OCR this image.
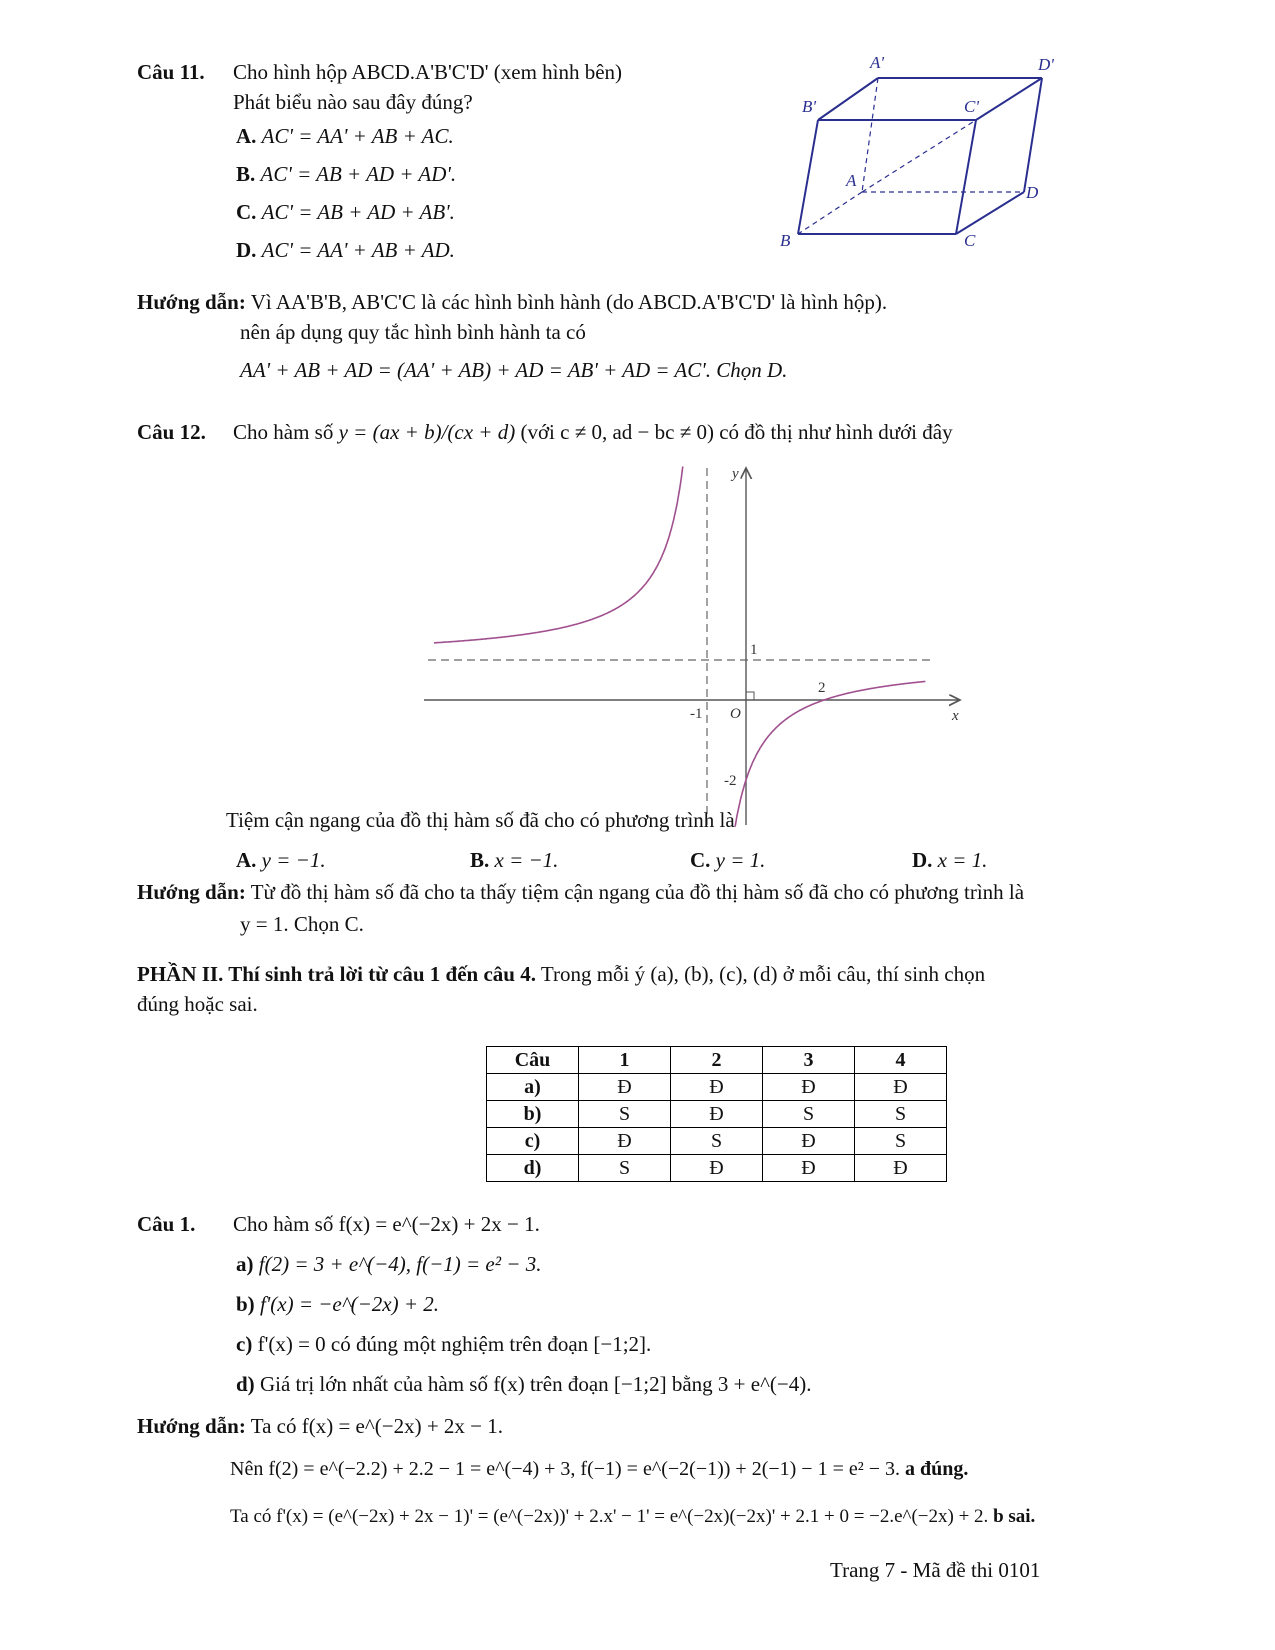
Câu 11. Cho hình hộp ABCD.A'B'C'D' (xem hình bên)
Phát biểu nào sau đây đúng?
A. AC' = AA' + AB + AC.
B. AC' = AB + AD + AD'.
C. AC' = AB + AD + AB'.
D. AC' = AA' + AB + AD.
A'	D'
B'	C'
A
D
B	C
Hướng dẫn: Vì AA'B'B, AB'C'C là các hình bình hành (do ABCD.A'B'C'D' là hình hộp).
nên áp dụng quy tắc hình bình hành ta có
AA' + AB + AD = (AA' + AB) + AD = AB' + AD = AC'. Chọn D.
Câu 12. Cho hàm số y = (ax + b)/(cx + d) (với c ≠ 0, ad − bc ≠ 0) có đồ thị như hình dưới đây
y
x
O
1
2
-1
-2
Tiệm cận ngang của đồ thị hàm số đã cho có phương trình là
A. y = −1.	B. x = −1.	C. y = 1.	D. x = 1.
Hướng dẫn: Từ đồ thị hàm số đã cho ta thấy tiệm cận ngang của đồ thị hàm số đã cho có phương trình là
y = 1. Chọn C.
PHẦN II. Thí sinh trả lời từ câu 1 đến câu 4. Trong mỗi ý (a), (b), (c), (d) ở mỗi câu, thí sinh chọn
đúng hoặc sai.
Câu	1	2	3	4
a)	Đ	Đ	Đ	Đ
b)	S	Đ	S	S
c)	Đ	S	Đ	S
d)	S	Đ	Đ	Đ
Câu 1. Cho hàm số f(x) = e^(−2x) + 2x − 1.
a) f(2) = 3 + e^(−4), f(−1) = e² − 3.
b) f'(x) = −e^(−2x) + 2.
c) f'(x) = 0 có đúng một nghiệm trên đoạn [−1;2].
d) Giá trị lớn nhất của hàm số f(x) trên đoạn [−1;2] bằng 3 + e^(−4).
Hướng dẫn: Ta có f(x) = e^(−2x) + 2x − 1.
Nên f(2) = e^(−2.2) + 2.2 − 1 = e^(−4) + 3, f(−1) = e^(−2(−1)) + 2(−1) − 1 = e² − 3. a đúng.
Ta có f'(x) = (e^(−2x) + 2x − 1)' = (e^(−2x))' + 2.x' − 1' = e^(−2x)(−2x)' + 2.1 + 0 = −2.e^(−2x) + 2. b sai.
Trang 7 - Mã đề thi 0101
